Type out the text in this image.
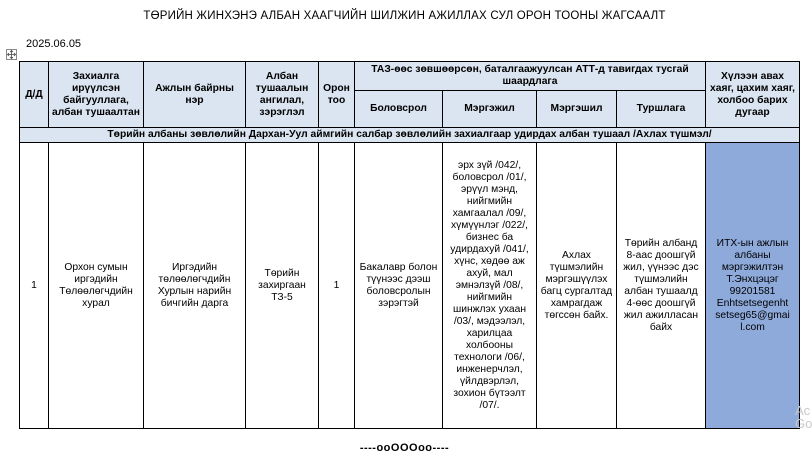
ТӨРИЙН ЖИНХЭНЭ АЛБАН ХААГЧИЙН ШИЛЖИН АЖИЛЛАХ СУЛ ОРОН ТООНЫ ЖАГСААЛТ
2025.06.05
Д/Д	Захиалга ирүүлсэн байгууллага, албан тушаалтан	Ажлын байрны нэр	Албан тушаалын ангилал, зэрэглэл	Орон тоо	ТАЗ-өөс зөвшөөрсөн, баталгаажуулсан АТТ-д тавигдах тусгай шаардлага				Хүлээн авах хаяг, цахим хаяг, холбоо барих дугаар
					Боловсрол	Мэргэжил	Мэргэшил	Туршлага	
Төрийн албаны зөвлөлийн Дархан-Уул аймгийн салбар зөвлөлийн захиалгаар удирдах албан тушаал /Ахлах түшмэл/									
1	Орхон сумын иргэдийн Төлөөлөгчдийн хурал	Иргэдийн төлөөлөгчдийн Хурлын нарийн бичгийн дарга	Төрийн захиргаан ТЗ-5	1	Бакалавр болон түүнээс дээш боловсролын зэрэгтэй	эрх зүй /042/, боловсрол /01/, эрүүл мэнд, нийгмийн хамгаалал /09/, хүмүүнлэг /022/, бизнес ба удирдахуй /041/, хүнс, хөдөө аж ахуй, мал эмнэлзүй /08/, нийгмийн шинжлэх ухаан /03/, мэдээлэл, харилцаа холбооны технологи /06/, инженерчлэл, үйлдвэрлэл, зохион бүтээлт /07/.	Ахлах түшмэлийн мэргэшүүлэх багц сургалтад хамрагдаж төгссөн байх.	Төрийн албанд 8-аас доошгүй жил, үүнээс дэс түшмэлийн албан тушаалд 4-өөс доошгүй жил ажилласан байх	ИТХ-ын ажлын албаны мэргэжилтэн Т.Энхцэцэг 99201581 Enhtsetsegenht setseg65@gmai l.com
----ooOOOoo----
Ac Go
